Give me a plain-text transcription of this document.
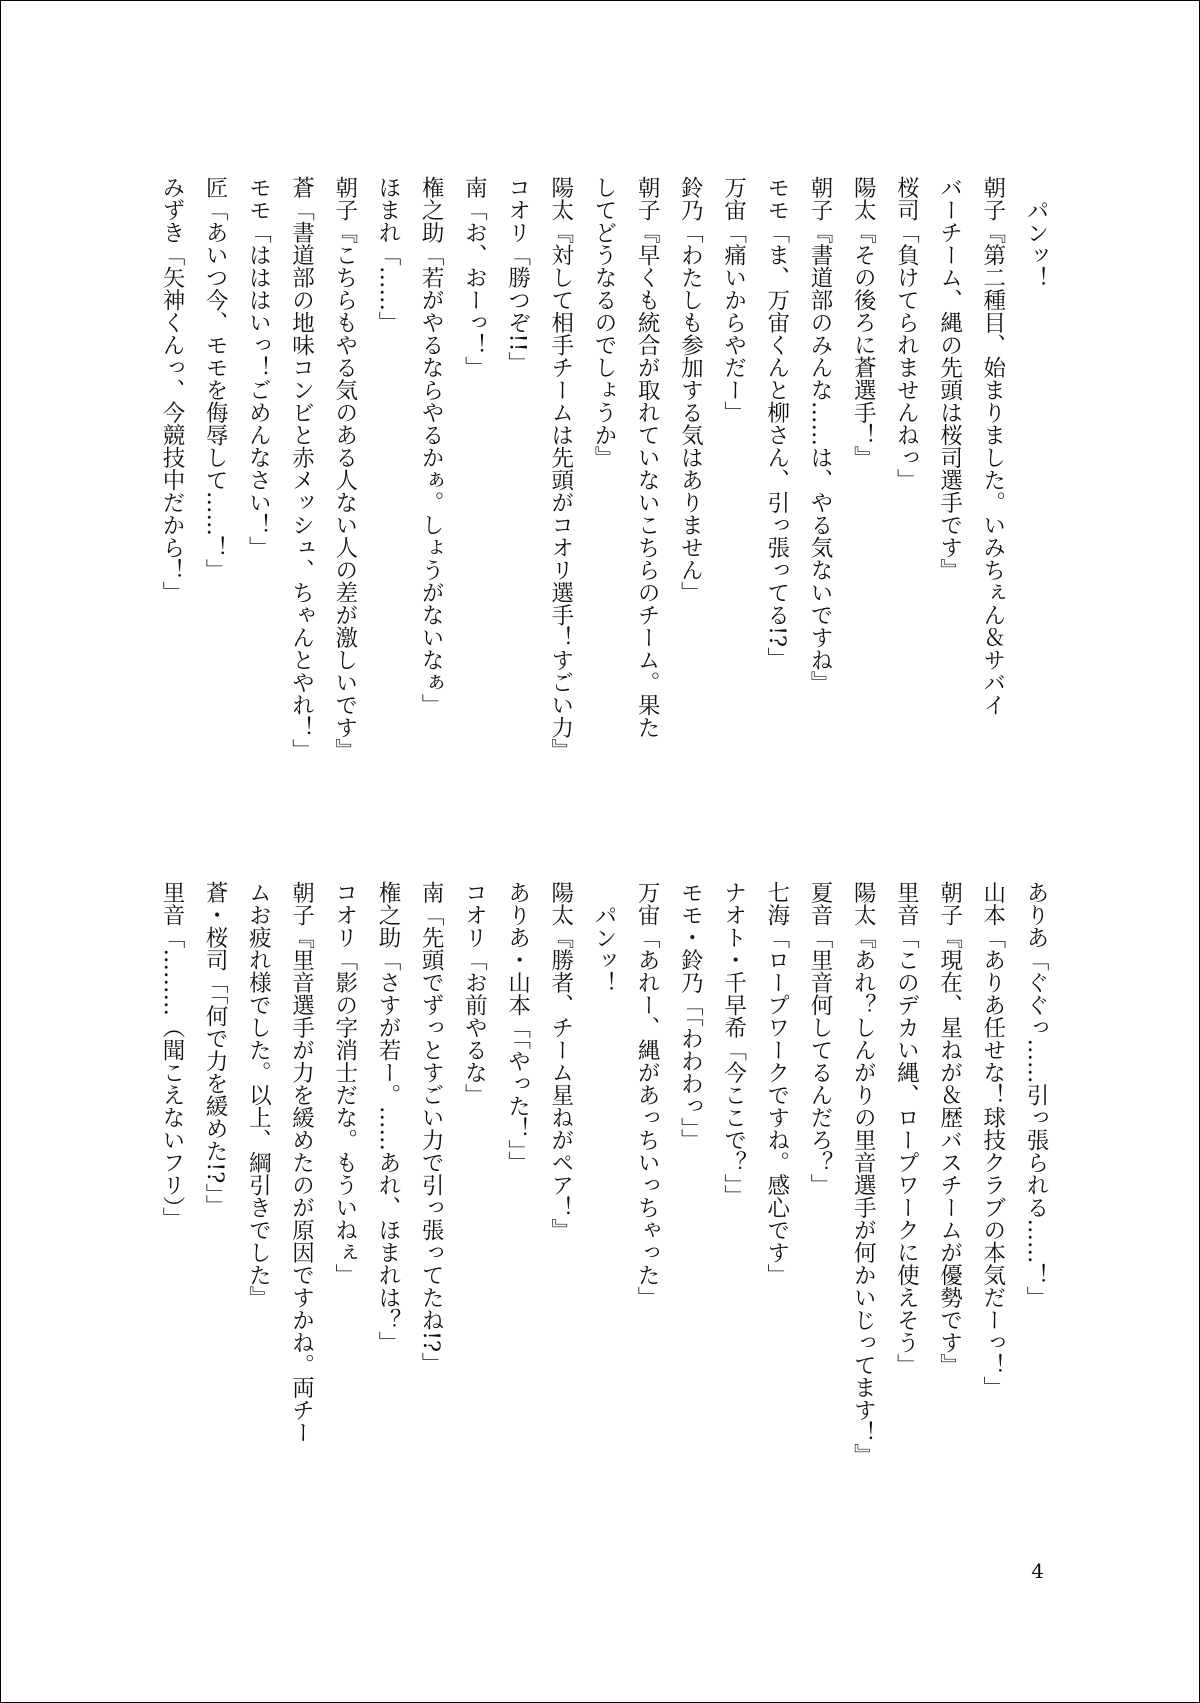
パンッ！
朝子『第二種目、始まりました。いみちぇん＆サバイ
バーチーム、縄の先頭は桜司選手です』
桜司「負けてられませんねっ」
陽太『その後ろに蒼選手！』
朝子『書道部のみんな……は、やる気ないですね』
モモ「ま、万宙くんと柳さん、引っ張ってる!?」
万宙「痛いからやだー」
鈴乃「わたしも参加する気はありません」
朝子『早くも統合が取れていないこちらのチーム。果た
してどうなるのでしょうか』
陽太『対して相手チームは先頭がコオリ選手！すごい力』
コオリ「勝つぞ!!」
南「お、おーっ！」
権之助「若がやるならやるかぁ。しょうがないなぁ」
ほまれ「……」
朝子『こちらもやる気のある人ない人の差が激しいです』
蒼「書道部の地味コンビと赤メッシュ、ちゃんとやれ！」
モモ「はははいっ！ごめんなさい！」
匠「あいつ今、モモを侮辱して……！」
みずき「矢神くんっ、今競技中だから！」
ありあ「ぐぐっ……引っ張られる……！」
山本「ありあ任せな！球技クラブの本気だーっ！」
朝子『現在、星ねが＆歴バスチームが優勢です』
里音「このデカい縄、ロープワークに使えそう」
陽太『あれ？しんがりの里音選手が何かいじってます！』
夏音「里音何してるんだろ？」
七海「ロープワークですね。感心です」
ナオト・千早希「今ここで？」」
モモ・鈴乃「「わわわっ」」
万宙「あれー、縄があっちいっちゃった」
パンッ！
陽太『勝者、チーム星ねがペア！』
ありあ・山本「「やった！」」
コオリ「お前やるな」
南「先頭でずっとすごい力で引っ張ってたね!?」
権之助「さすが若ー。……あれ、ほまれは？」
コオリ「影の字消士だな。もういねぇ」
朝子『里音選手が力を緩めたのが原因ですかね。両チー
ムお疲れ様でした。以上、綱引きでした』
蒼・桜司「「何で力を緩めた!?」」
里音「………（聞こえないフリ）」
4
